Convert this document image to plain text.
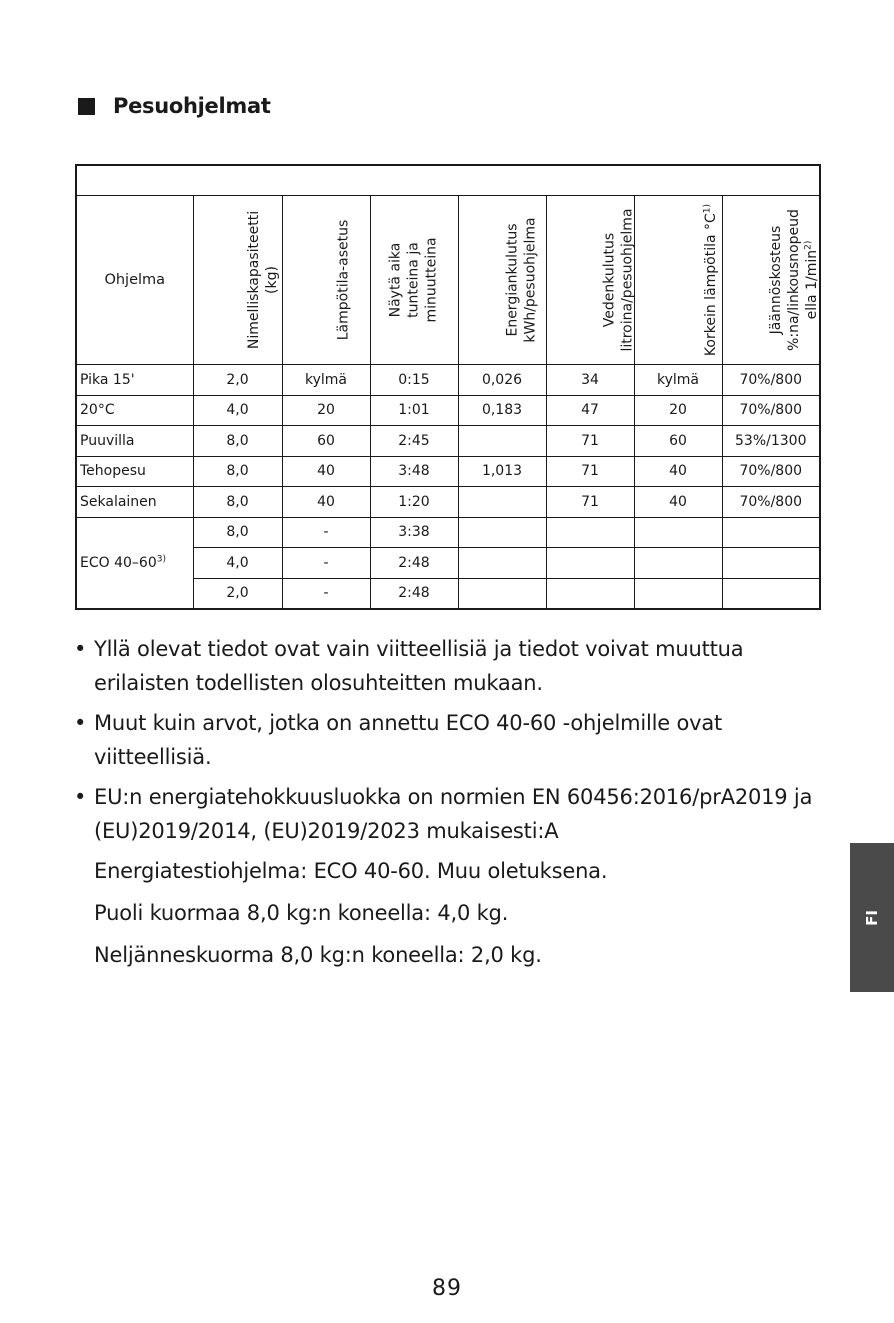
Pesuohjelmat

Ohjelma	Nimelliskapasiteetti (kg)	Lämpötila-asetus	Näytä aika tunteina ja minuutteina	Energiankulutus kWh/pesuohjelma	Vedenkulutus litroina/pesuohjelma	Korkein lämpötila $^\circ C^{1)}$	Jäännöskosteus %:na/linkousnopeud ella $1/\min^{2)}$

Pika 15'	2,0	kylmä	0:15	0,026	34	kylmä	70%/800
20°C	4,0	20	1:01	0,183	47	20	70%/800
Puuvilla	8,0	60	2:45		71	60	53%/1300
Tehopesu	8,0	40	3:48	1,013	71	40	70%/800
Sekalainen	8,0	40	1:20		71	40	70%/800
ECO 40–60$^{3)}$	8,0	-	3:38				
	4,0	-	2:48				
	2,0	-	2:48				
• Yllä olevat tiedot ovat vain viitteellisiä ja tiedot voivat muuttua erilaisten todellisten olosuhteitten mukaan.
• Muut kuin arvot, jotka on annettu ECO 40-60 -ohjelmille ovat viitteellisiä.
• EU:n energiatehokkuusluokka on normien EN 60456:2016/prA2019 ja (EU)2019/2014, (EU)2019/2023 mukaisesti:A
Energiatestiohjelma: ECO 40-60. Muu oletuksena.
Puoli kuormaa 8,0 kg:n koneella: 4,0 kg.
Neljänneskuorma 8,0 kg:n koneella: 2,0 kg.
FI
89
